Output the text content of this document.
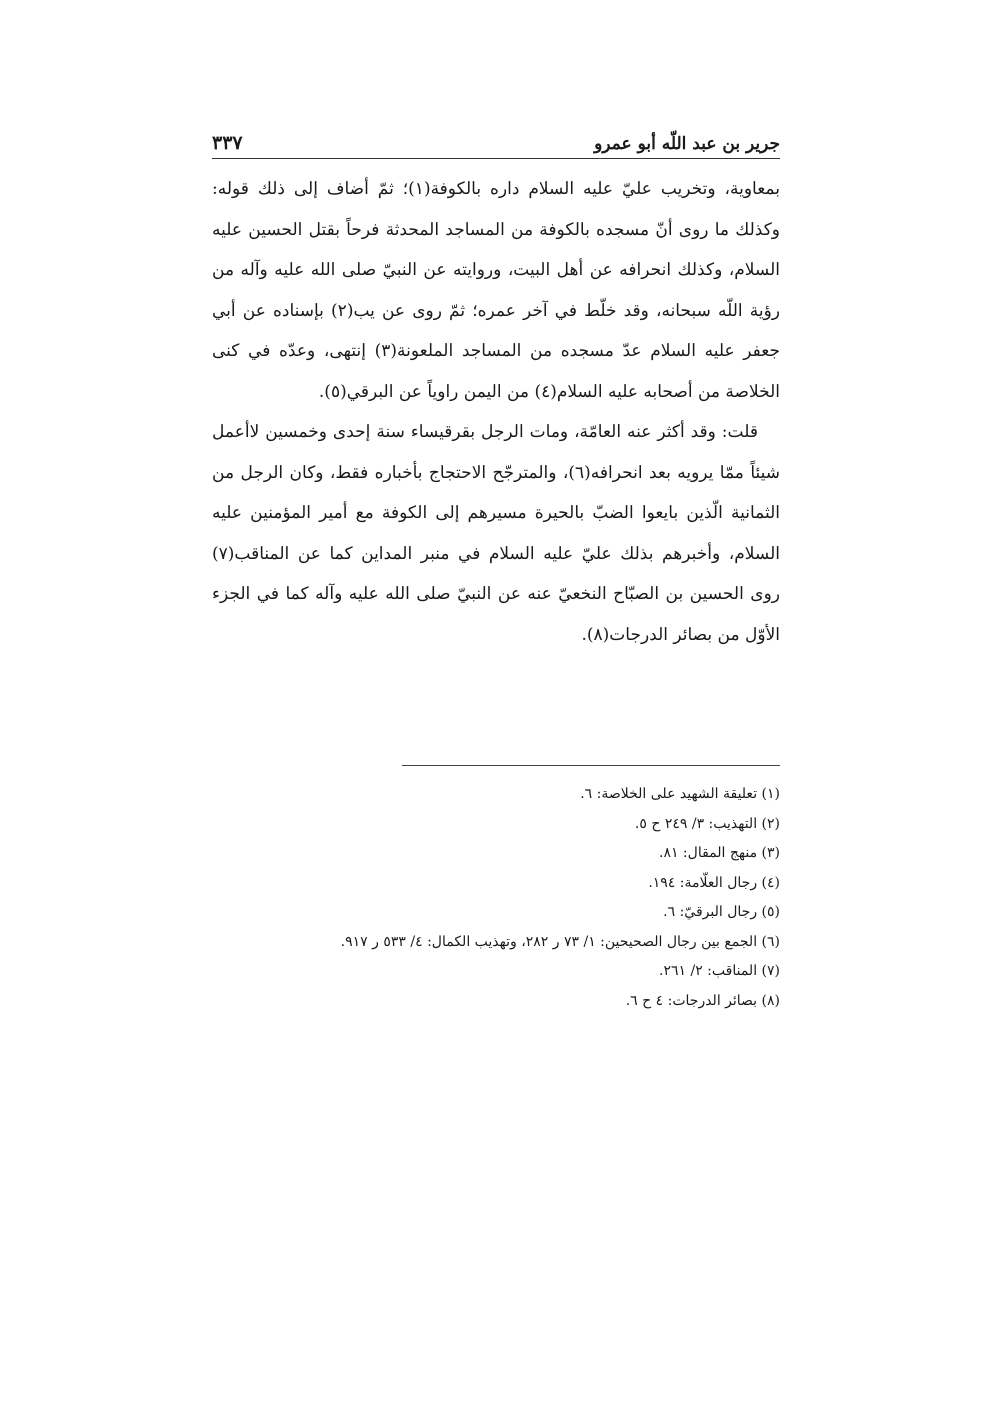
جرير بن عبد اللّه أبو عمرو
٣٣٧

بمعاوية، وتخريب عليّ عليه السلام داره بالكوفة(١)؛ ثمّ أضاف إلى ذلك قوله: وكذلك ما روى أنّ مسجده بالكوفة من المساجد المحدثة فرحاً بقتل الحسين عليه السلام، وكذلك انحرافه عن أهل البيت، وروايته عن النبيّ صلى الله عليه وآله من رؤية اللّه سبحانه، وقد خلّط في آخر عمره؛ ثمّ روى عن يب(٢) بإسناده عن أبي جعفر عليه السلام عدّ مسجده من المساجد الملعونة(٣) إنتهى، وعدّه في كنى الخلاصة من أصحابه عليه السلام(٤) من اليمن راوياً عن البرقي(٥).

قلت: وقد أكثر عنه العامّة، ومات الرجل بقرقيساء سنة إحدى وخمسين لاأعمل شيئاً ممّا يرويه بعد انحرافه(٦)، والمترجّح الاحتجاج بأخباره فقط، وكان الرجل من الثمانية الّذين بايعوا الضبّ بالحيرة مسيرهم إلى الكوفة مع أمير المؤمنين عليه السلام، وأخبرهم بذلك عليّ عليه السلام في منبر المداين كما عن المناقب(٧) روى الحسين بن الصبّاح النخعيّ عنه عن النبيّ صلى الله عليه وآله كما في الجزء الأوّل من بصائر الدرجات(٨).

(١) تعليقة الشهيد على الخلاصة: ٦.

(٢) التهذيب: ٣/ ٢٤٩ ح ٥.

(٣) منهج المقال: ٨١.

(٤) رجال العلّامة: ١٩٤.

(٥) رجال البرقيّ: ٦.

(٦) الجمع بين رجال الصحيحين: ١/ ٧٣ ر ٢٨٢، وتهذيب الكمال: ٤/ ٥٣٣ ر ٩١٧.

(٧) المناقب: ٢/ ٢٦١.

(٨) بصائر الدرجات: ٤ ح ٦.
